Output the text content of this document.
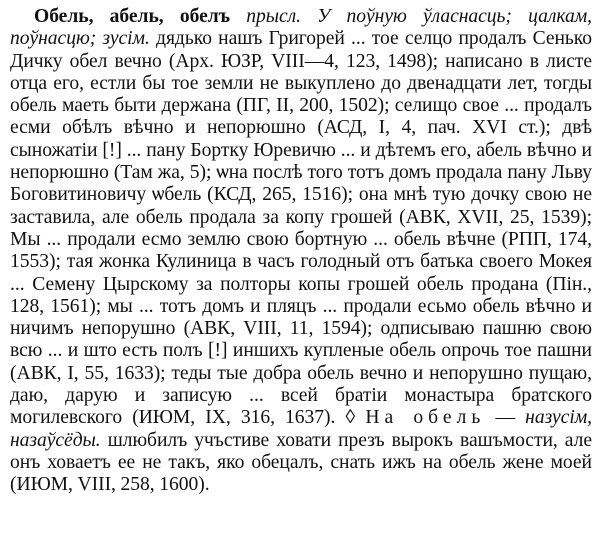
Обель, абель, обелъ прысл. У поўную ўласнасць; цалкам, поўнасцю; зусім. дядько нашъ Григорей ... тое селцо продалъ Сенько Дичку обел вечно (Арх. ЮЗР, VIII—4, 123, 1498); написано в листе отца его, естли бы тое земли не выкуплено до двенадцати лет, тогды обель маеть быти держана (ПГ, II, 200, 1502); селищо свое ... продалъ есми обѣлъ вѣчно и непорюшно (АСД, I, 4, пач. XVI ст.); двѣ сыножатіи [!] ... пану Бортку Юревичю ... и дѣтемъ его, абель вѣчно и непорюшно (Там жа, 5); ѡна послѣ того тотъ домъ продала пану Льву Боговитиновичу ѡбель (КСД, 265, 1516); она мнѣ тую дочку свою не заставила, але обель продала за копу грошей (АВК, XVII, 25, 1539); Мы ... продали есмо землю свою бортную ... обель вѣчне (РПП, 174, 1553); тая жонка Кулиница в часъ голодный отъ батька своего Мокея ... Семену Цырскому за полторы копы грошей обель продана (Пін., 128, 1561); мы ... тотъ домъ и пляцъ ... продали есьмо обель вѣчно и ничимъ непорушно (АВК, VIII, 11, 1594); одписываю пашню свою всю ... и што есть полъ [!] иншихъ купленые обель опрочь тое пашни (АВК, I, 55, 1633); теды тые добра обель вечно и непорушно пущаю, даю, дарую и записую ... всей братіи монастыра братского могилевского (ИЮМ, IX, 316, 1637). ◊ На обель — назусім, назаўсёды. шлюбилъ учъстиве ховати презъ вырокъ вашъмости, але онъ ховаетъ ее не такъ, яко обецалъ, снать ижъ на обель жене моей (ИЮМ, VIII, 258, 1600).
